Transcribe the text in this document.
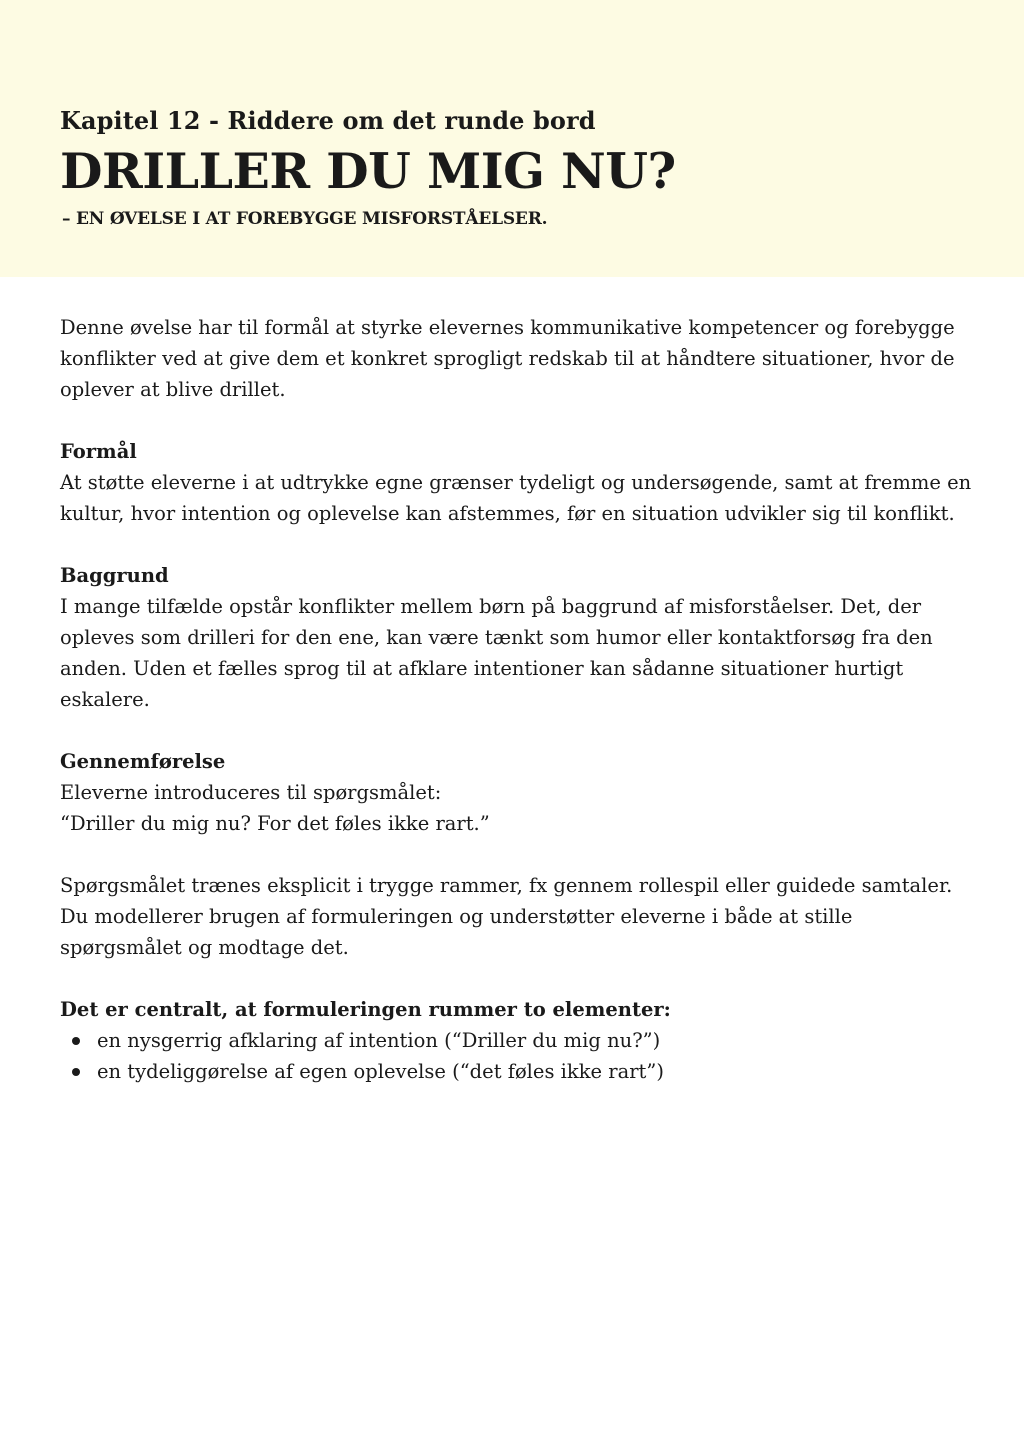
Kapitel 12 - Riddere om det runde bord
DRILLER DU MIG NU?
– EN ØVELSE I AT FOREBYGGE MISFORSTÅELSER.

Denne øvelse har til formål at styrke elevernes kommunikative kompetencer og forebygge konflikter ved at give dem et konkret sprogligt redskab til at håndtere situationer, hvor de oplever at blive drillet.

Formål

At støtte eleverne i at udtrykke egne grænser tydeligt og undersøgende, samt at fremme en kultur, hvor intention og oplevelse kan afstemmes, før en situation udvikler sig til konflikt.

Baggrund

I mange tilfælde opstår konflikter mellem børn på baggrund af misforståelser. Det, der opleves som drilleri for den ene, kan være tænkt som humor eller kontaktforsøg fra den anden. Uden et fælles sprog til at afklare intentioner kan sådanne situationer hurtigt eskalere.

Gennemførelse

Eleverne introduceres til spørgsmålet:

“Driller du mig nu? For det føles ikke rart.”

Spørgsmålet trænes eksplicit i trygge rammer, fx gennem rollespil eller guidede samtaler. Du modellerer brugen af formuleringen og understøtter eleverne i både at stille spørgsmålet og modtage det.

Det er centralt, at formuleringen rummer to elementer:

en nysgerrig afklaring af intention (“Driller du mig nu?”)
en tydeliggørelse af egen oplevelse (“det føles ikke rart”)
